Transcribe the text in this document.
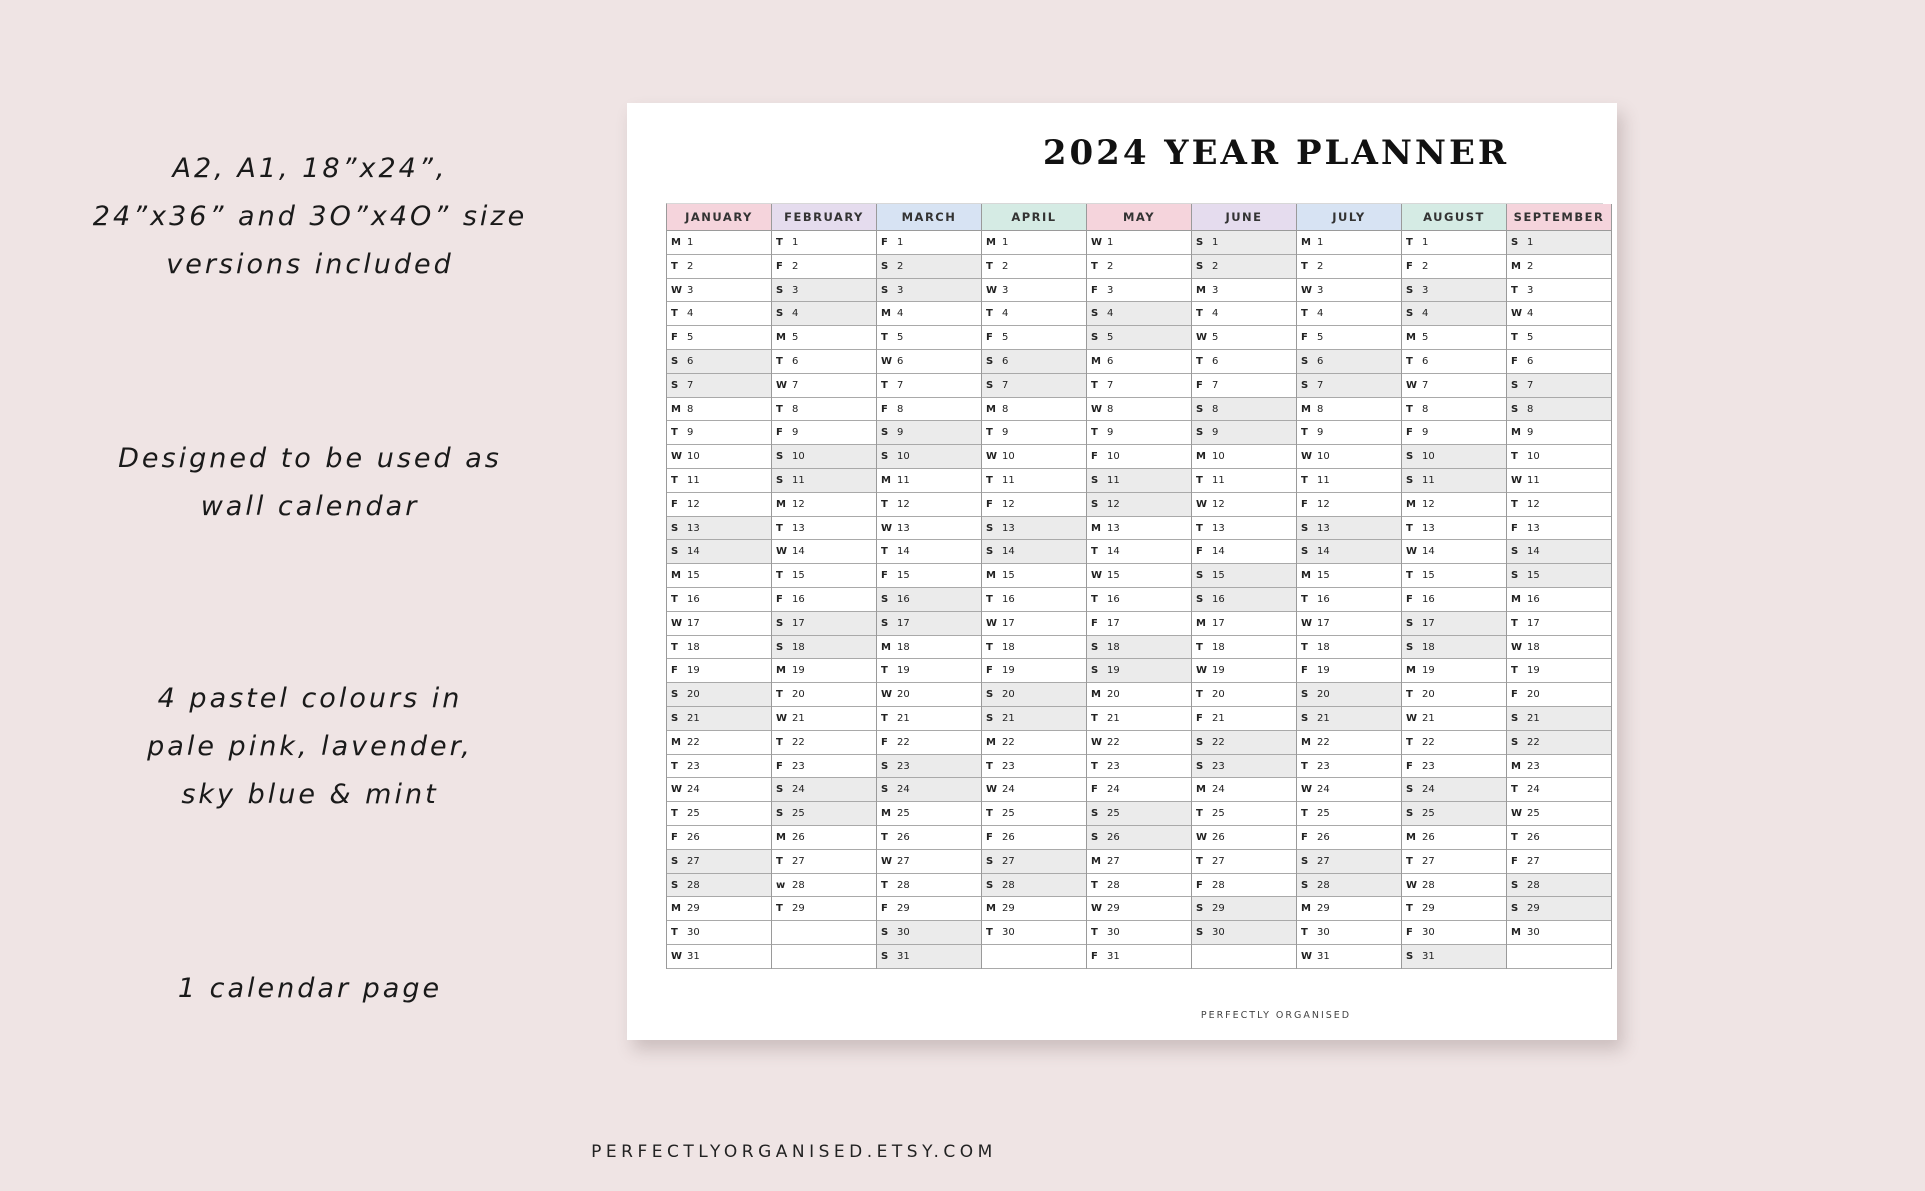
A2, A1, 18”x24”,
24”x36” and 3O”x4O” size
versions included
Designed to be used as
wall calendar
4 pastel colours in
pale pink, lavender,
sky blue & mint
1 calendar page
2024 YEAR PLANNER
JANUARY
M 1
T 2
W 3
T 4
F 5
S 6
S 7
M 8
T 9
W 10
T 11
F 12
S 13
S 14
M 15
T 16
W 17
T 18
F 19
S 20
S 21
M 22
T 23
W 24
T 25
F 26
S 27
S 28
M 29
T 30
W 31
FEBRUARY
T 1
F 2
S 3
S 4
M 5
T 6
W 7
T 8
F 9
S 10
S 11
M 12
T 13
W 14
T 15
F 16
S 17
S 18
M 19
T 20
W 21
T 22
F 23
S 24
S 25
M 26
T 27
w 28
T 29
MARCH
F 1
S 2
S 3
M 4
T 5
W 6
T 7
F 8
S 9
S 10
M 11
T 12
W 13
T 14
F 15
S 16
S 17
M 18
T 19
W 20
T 21
F 22
S 23
S 24
M 25
T 26
W 27
T 28
F 29
S 30
S 31
APRIL
M 1
T 2
W 3
T 4
F 5
S 6
S 7
M 8
T 9
W 10
T 11
F 12
S 13
S 14
M 15
T 16
W 17
T 18
F 19
S 20
S 21
M 22
T 23
W 24
T 25
F 26
S 27
S 28
M 29
T 30
MAY
W 1
T 2
F 3
S 4
S 5
M 6
T 7
W 8
T 9
F 10
S 11
S 12
M 13
T 14
W 15
T 16
F 17
S 18
S 19
M 20
T 21
W 22
T 23
F 24
S 25
S 26
M 27
T 28
W 29
T 30
F 31
JUNE
S 1
S 2
M 3
T 4
W 5
T 6
F 7
S 8
S 9
M 10
T 11
W 12
T 13
F 14
S 15
S 16
M 17
T 18
W 19
T 20
F 21
S 22
S 23
M 24
T 25
W 26
T 27
F 28
S 29
S 30
JULY
M 1
T 2
W 3
T 4
F 5
S 6
S 7
M 8
T 9
W 10
T 11
F 12
S 13
S 14
M 15
T 16
W 17
T 18
F 19
S 20
S 21
M 22
T 23
W 24
T 25
F 26
S 27
S 28
M 29
T 30
W 31
AUGUST
T 1
F 2
S 3
S 4
M 5
T 6
W 7
T 8
F 9
S 10
S 11
M 12
T 13
W 14
T 15
F 16
S 17
S 18
M 19
T 20
W 21
T 22
F 23
S 24
S 25
M 26
T 27
W 28
T 29
F 30
S 31
SEPTEMBER
S 1
M 2
T 3
W 4
T 5
F 6
S 7
S 8
M 9
T 10
W 11
T 12
F 13
S 14
S 15
M 16
T 17
W 18
T 19
F 20
S 21
S 22
M 23
T 24
W 25
T 26
F 27
S 28
S 29
M 30
PERFECTLY ORGANISED
PERFECTLYORGANISED.ETSY.COM
